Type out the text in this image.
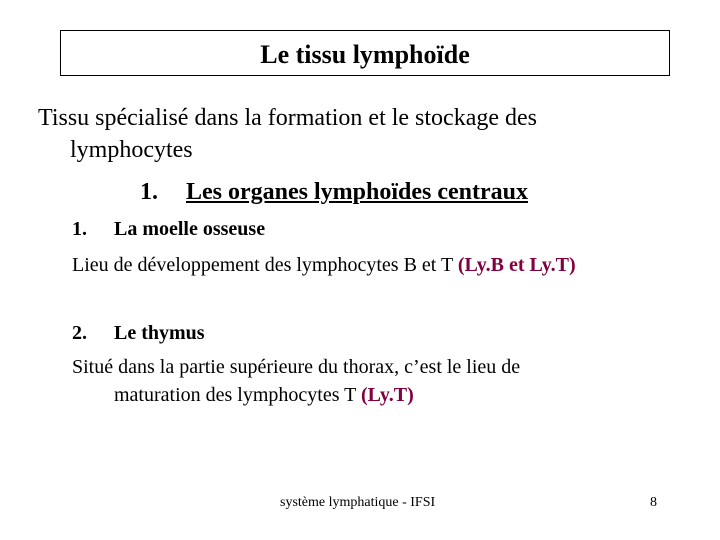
Le tissu lymphoïde
Tissu spécialisé dans la formation et le stockage des
lymphocytes
1. Les organes lymphoïdes centraux
1. La moelle osseuse
Lieu de développement des lymphocytes B et T (Ly.B et Ly.T)
2. Le thymus
Situé dans la partie supérieure du thorax, c’est le lieu de
maturation des lymphocytes T (Ly.T)
système lymphatique - IFSI	8
